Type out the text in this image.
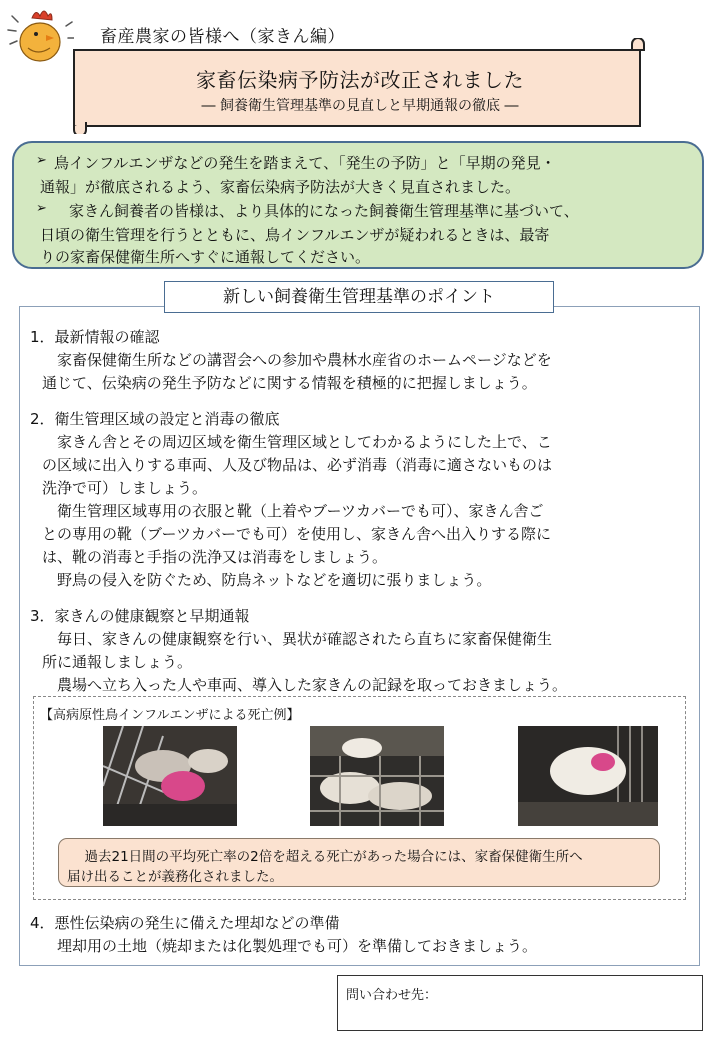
畜産農家の皆様へ（家きん編）
家畜伝染病予防法が改正されました
― 飼養衛生管理基準の見直しと早期通報の徹底 ―
➢ 鳥インフルエンザなどの発生を踏まえて、「発生の予防」と「早期の発見・
通報」が徹底されるよう、家畜伝染病予防法が大きく見直されました。
➢ 　家きん飼養者の皆様は、より具体的になった飼養衛生管理基準に基づいて、
日頃の衛生管理を行うとともに、鳥インフルエンザが疑われるときは、最寄
りの家畜保健衛生所へすぐに通報してください。
新しい飼養衛生管理基準のポイント
1．最新情報の確認
　家畜保健衛生所などの講習会への参加や農林水産省のホームページなどを
通じて、伝染病の発生予防などに関する情報を積極的に把握しましょう。
2．衛生管理区域の設定と消毒の徹底
　家きん舎とその周辺区域を衛生管理区域としてわかるようにした上で、こ
の区域に出入りする車両、人及び物品は、必ず消毒（消毒に適さないものは
洗浄で可）しましょう。
　衛生管理区域専用の衣服と靴（上着やブーツカバーでも可）、家きん舎ご
との専用の靴（ブーツカバーでも可）を使用し、家きん舎へ出入りする際に
は、靴の消毒と手指の洗浄又は消毒をしましょう。
　野鳥の侵入を防ぐため、防鳥ネットなどを適切に張りましょう。
3．家きんの健康観察と早期通報
　毎日、家きんの健康観察を行い、異状が確認されたら直ちに家畜保健衛生
所に通報しましょう。
　農場へ立ち入った人や車両、導入した家きんの記録を取っておきましょう。
【高病原性鳥インフルエンザによる死亡例】
　過去21日間の平均死亡率の2倍を超える死亡があった場合には、家畜保健衛生所へ
届け出ることが義務化されました。
4．悪性伝染病の発生に備えた埋却などの準備
　埋却用の土地（焼却または化製処理でも可）を準備しておきましょう。
問い合わせ先：
